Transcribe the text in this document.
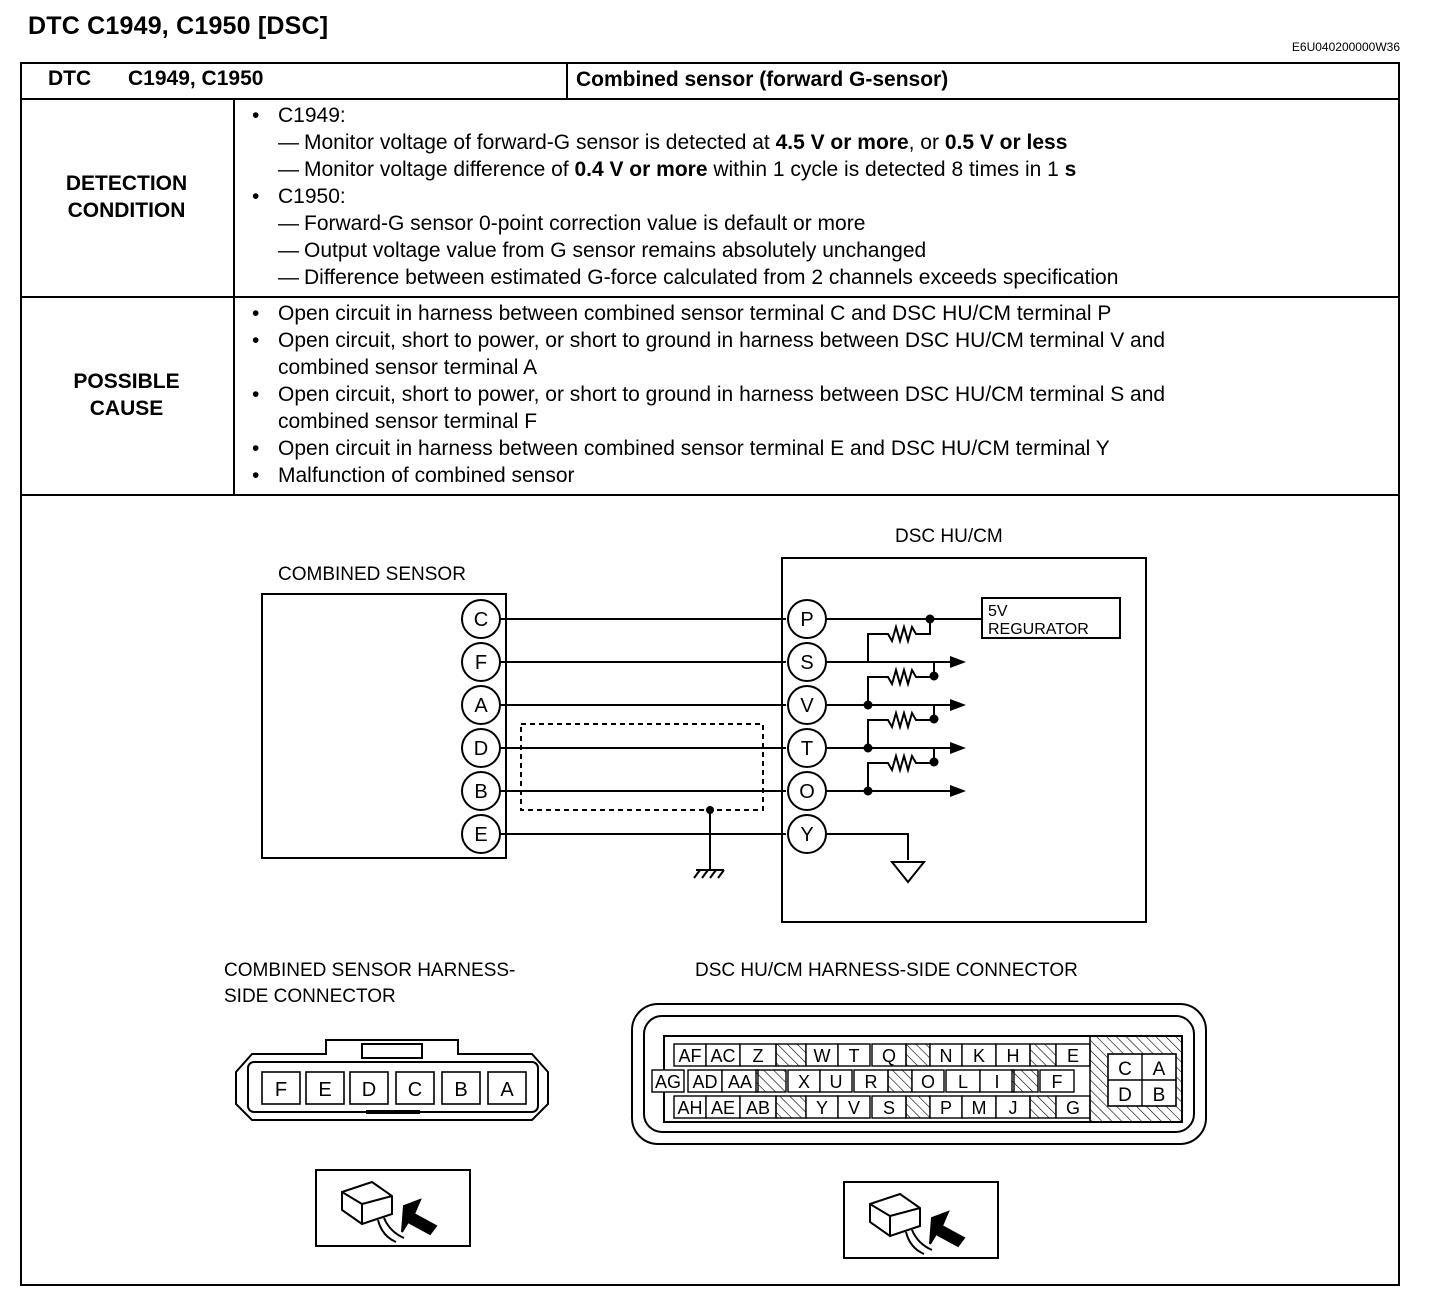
DTC C1949, C1950 [DSC]
E6U040200000W36
DTC C1949, C1950	Combined sensor (forward G-sensor)
DETECTION
CONDITION
• C1949:
— Monitor voltage of forward-G sensor is detected at 4.5 V or more, or 0.5 V or less
— Monitor voltage difference of 0.4 V or more within 1 cycle is detected 8 times in 1 s
• C1950:
— Forward-G sensor 0-point correction value is default or more
— Output voltage value from G sensor remains absolutely unchanged
— Difference between estimated G-force calculated from 2 channels exceeds specification
POSSIBLE
CAUSE
• Open circuit in harness between combined sensor terminal C and DSC HU/CM terminal P
• Open circuit, short to power, or short to ground in harness between DSC HU/CM terminal V and
combined sensor terminal A
• Open circuit, short to power, or short to ground in harness between DSC HU/CM terminal S and
combined sensor terminal F
• Open circuit in harness between combined sensor terminal E and DSC HU/CM terminal Y
• Malfunction of combined sensor
DSC HU/CM
COMBINED SENSOR
C
F
A
D
B
E
P
S
V
T
O
Y
5V
REGURATOR
COMBINED SENSOR HARNESS-
SIDE CONNECTOR
DSC HU/CM HARNESS-SIDE CONNECTOR
F E D C B A
AF AC Z	W T Q N K H	E
AG AD AA	X U R O L I	F
AH AE AB	Y V S P M J	G
C A
D B
